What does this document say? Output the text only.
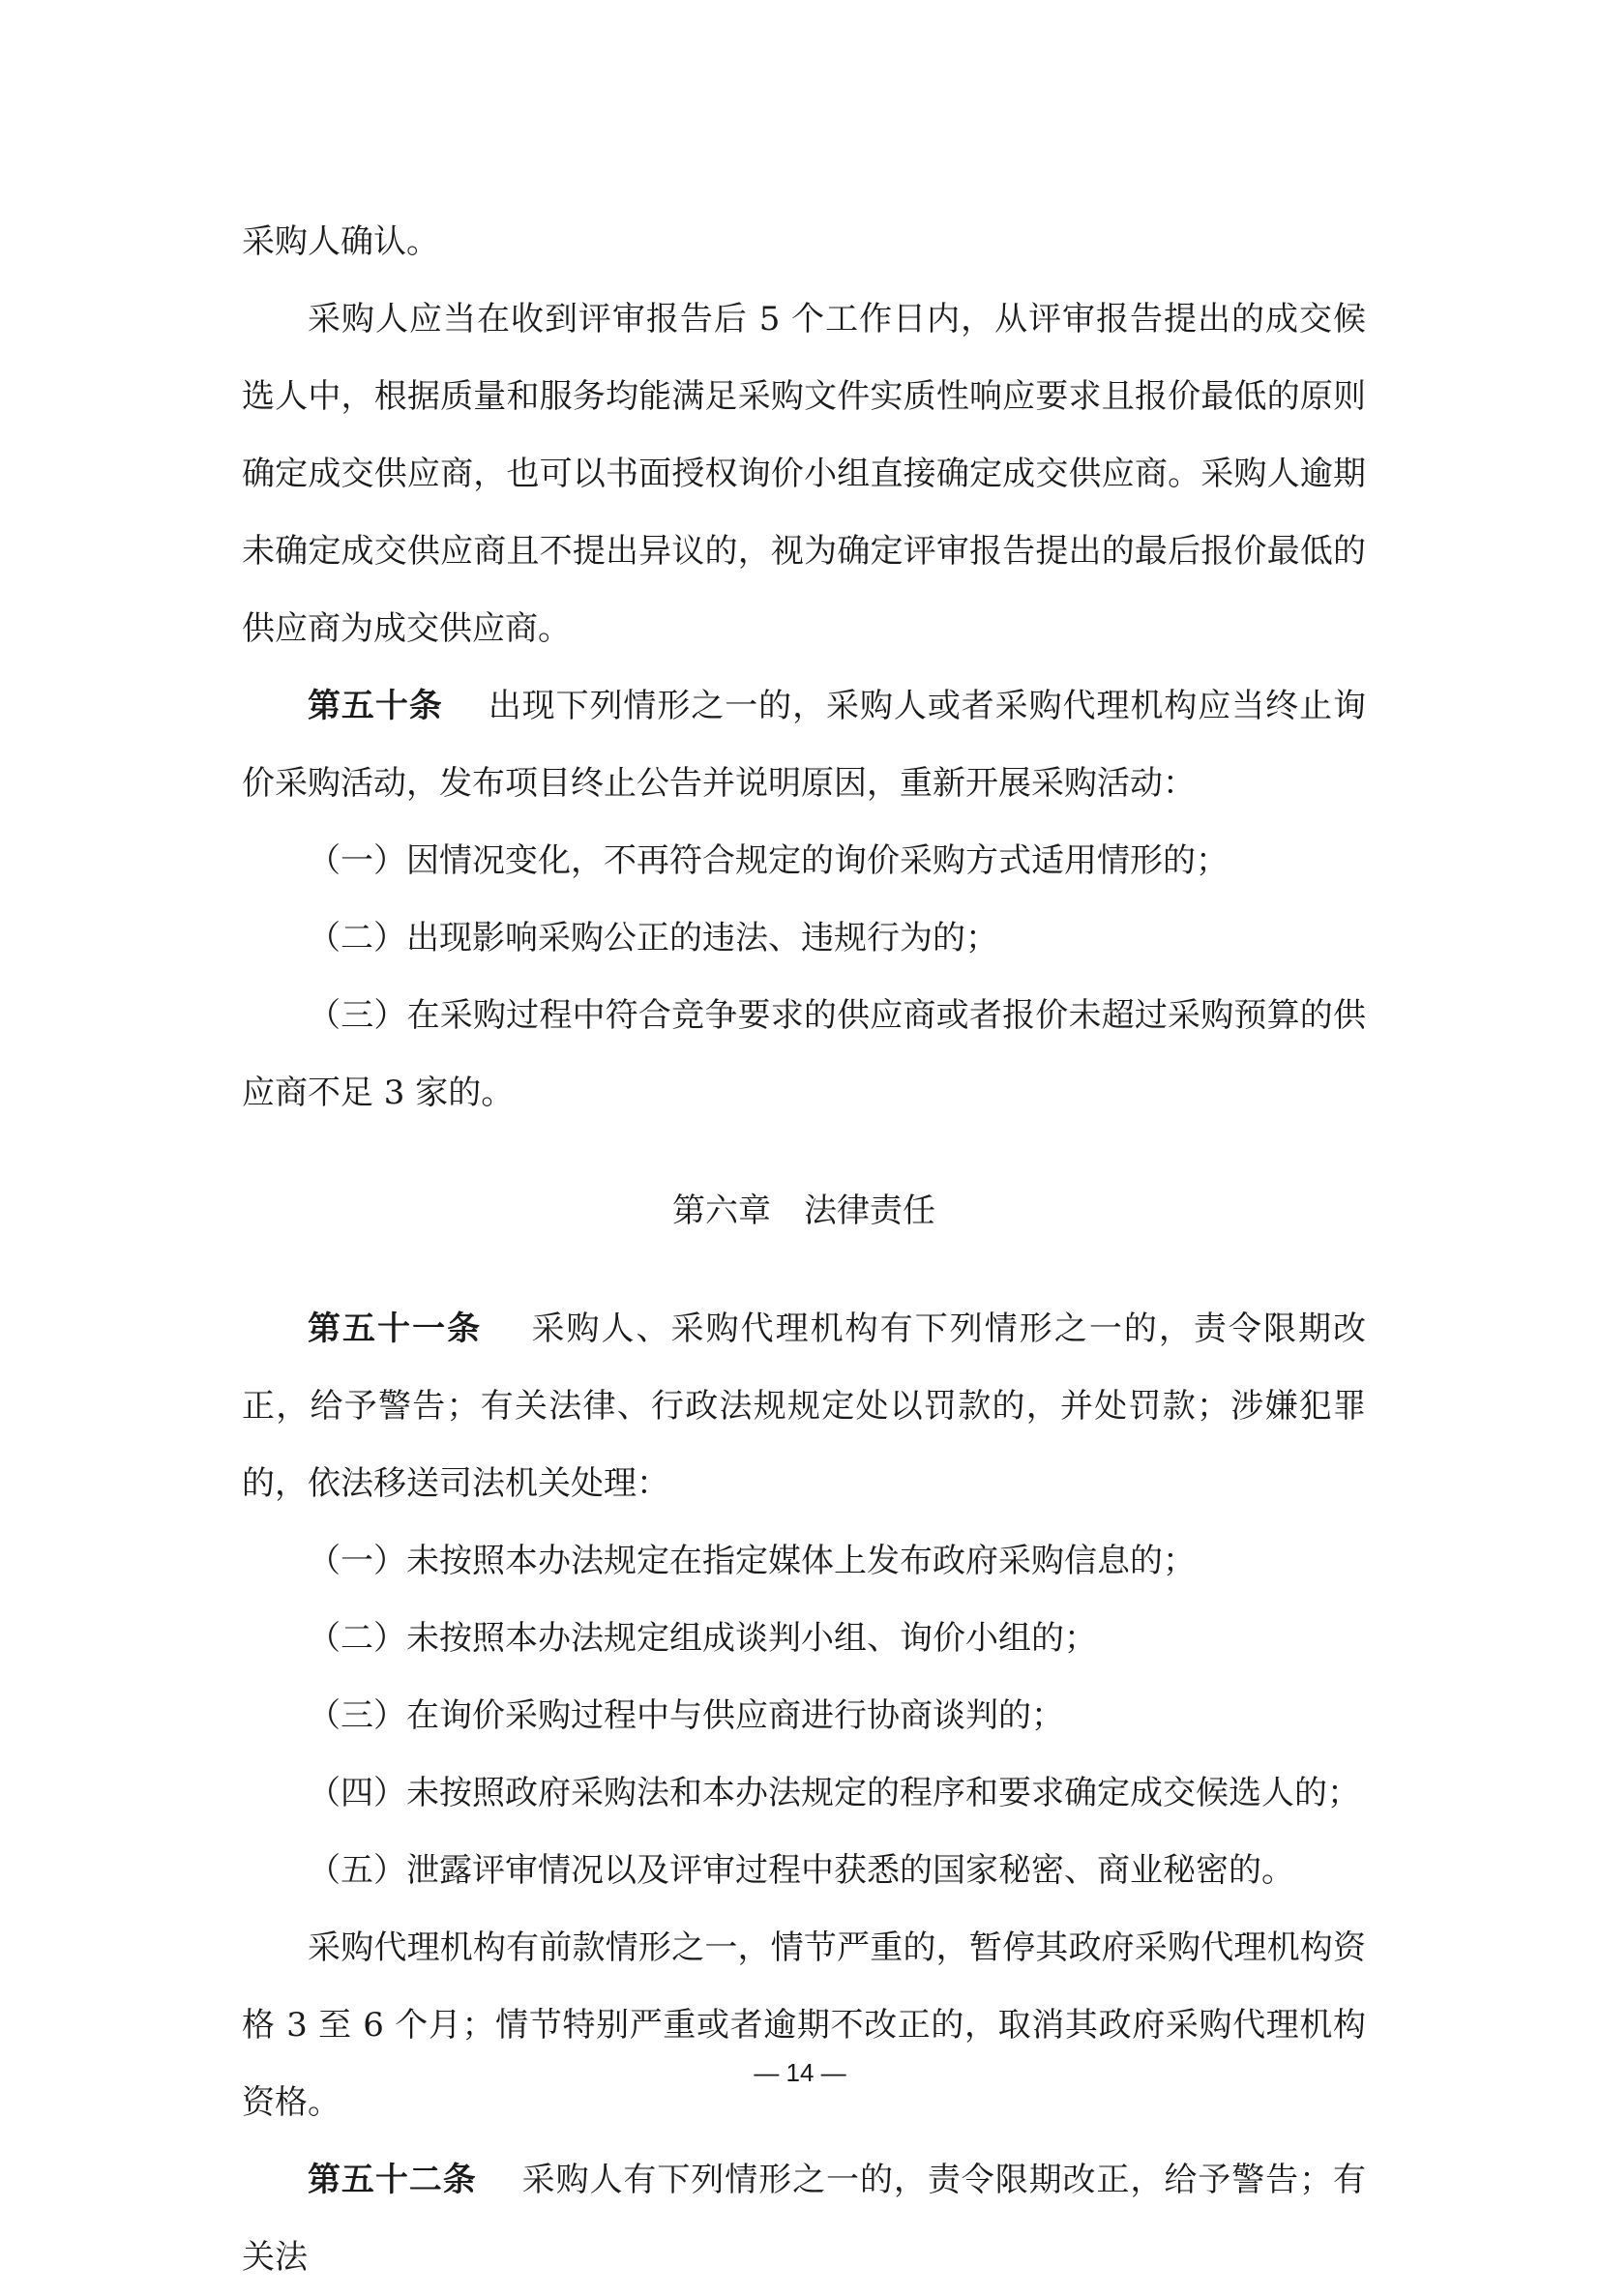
采购人确认。

采购人应当在收到评审报告后 5 个工作日内，从评审报告提出的成交候选人中，根据质量和服务均能满足采购文件实质性响应要求且报价最低的原则确定成交供应商，也可以书面授权询价小组直接确定成交供应商。采购人逾期未确定成交供应商且不提出异议的，视为确定评审报告提出的最后报价最低的供应商为成交供应商。

第五十条 出现下列情形之一的，采购人或者采购代理机构应当终止询价采购活动，发布项目终止公告并说明原因，重新开展采购活动：

（一）因情况变化，不再符合规定的询价采购方式适用情形的；

（二）出现影响采购公正的违法、违规行为的；

（三）在采购过程中符合竞争要求的供应商或者报价未超过采购预算的供应商不足 3 家的。

第六章　法律责任

第五十一条 采购人、采购代理机构有下列情形之一的，责令限期改正，给予警告；有关法律、行政法规规定处以罚款的，并处罚款；涉嫌犯罪的，依法移送司法机关处理：

（一）未按照本办法规定在指定媒体上发布政府采购信息的；

（二）未按照本办法规定组成谈判小组、询价小组的；

（三）在询价采购过程中与供应商进行协商谈判的；

（四）未按照政府采购法和本办法规定的程序和要求确定成交候选人的；

（五）泄露评审情况以及评审过程中获悉的国家秘密、商业秘密的。

采购代理机构有前款情形之一，情节严重的，暂停其政府采购代理机构资格 3 至 6 个月；情节特别严重或者逾期不改正的，取消其政府采购代理机构资格。

第五十二条 采购人有下列情形之一的，责令限期改正，给予警告；有关法

— 14 —
